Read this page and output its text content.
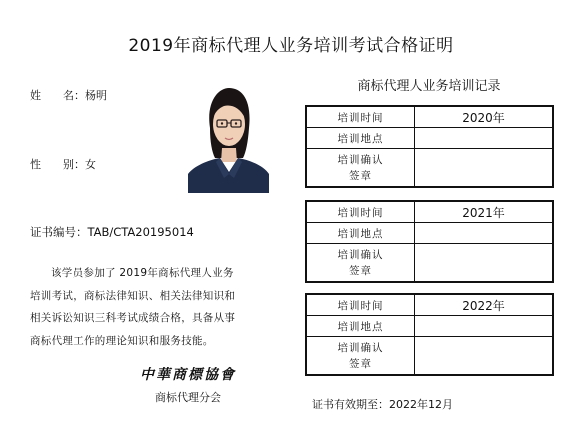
2019年商标代理人业务培训考试合格证明
姓　　名：杨明
性　　别：女
证书编号：TAB/CTA20195014
该学员参加了 2019年商标代理人业务
培训考试，商标法律知识、相关法律知识和
相关诉讼知识三科考试成绩合格，具备从事
商标代理工作的理论知识和服务技能。
中華商標協會
商标代理分会
商标代理人业务培训记录
培训时间	2020年
培训地点	
培训确认
签章	
培训时间	2021年
培训地点	
培训确认
签章	
培训时间	2022年
培训地点	
培训确认
签章	
证书有效期至：2022年12月
